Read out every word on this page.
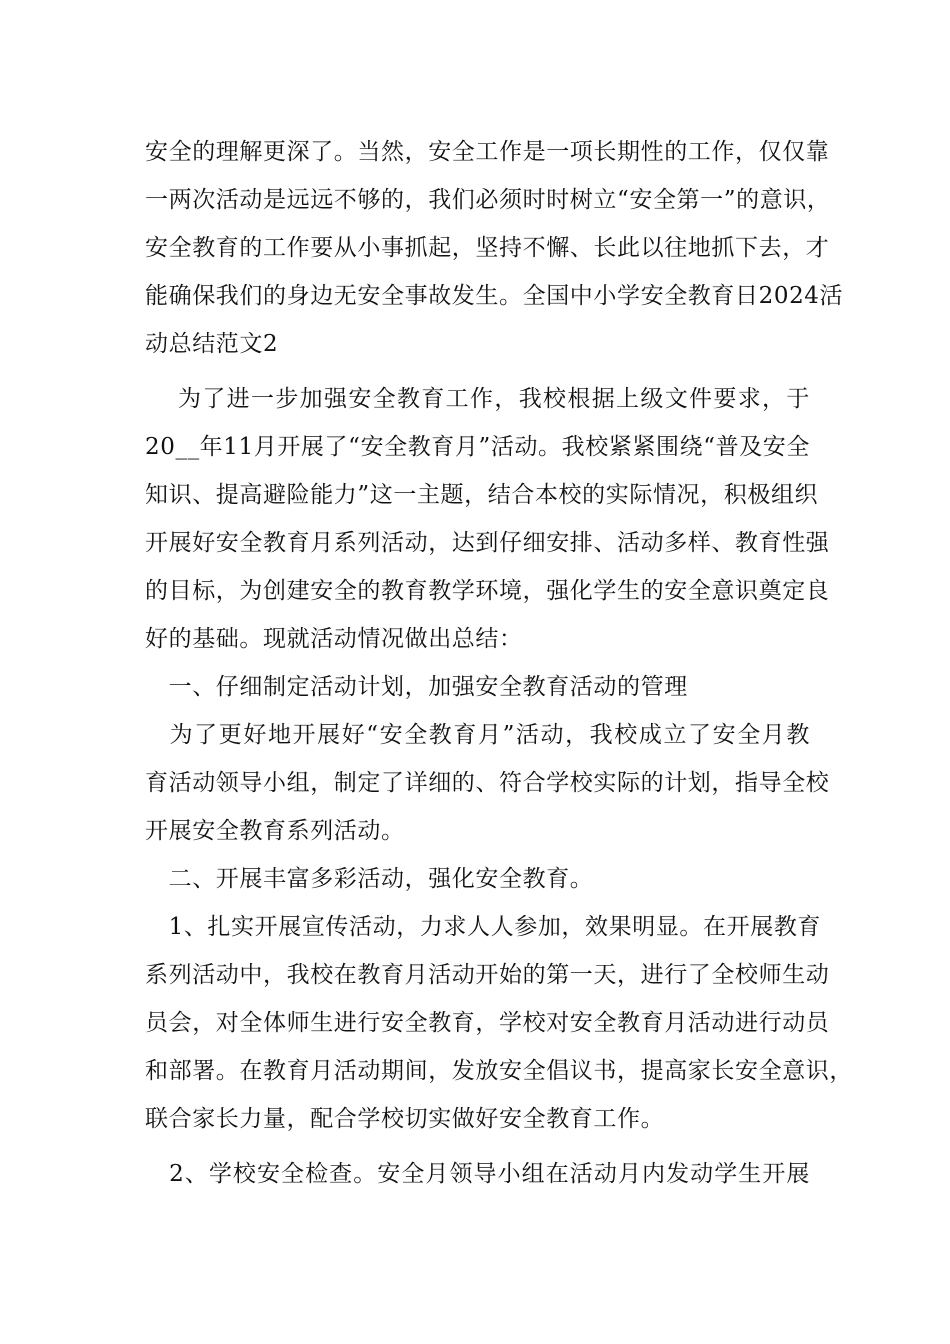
安全的理解更深了。当然，安全工作是一项长期性的工作，仅仅靠
一两次活动是远远不够的，我们必须时时树立“安全第一”的意识，
安全教育的工作要从小事抓起，坚持不懈、长此以往地抓下去，才
能确保我们的身边无安全事故发生。全国中小学安全教育日2024活
动总结范文2
　 为了进一步加强安全教育工作，我校根据上级文件要求，于
20__年11月开展了“安全教育月”活动。我校紧紧围绕“普及安全
知识、提高避险能力”这一主题，结合本校的实际情况，积极组织
开展好安全教育月系列活动，达到仔细安排、活动多样、教育性强
的目标，为创建安全的教育教学环境，强化学生的安全意识奠定良
好的基础。现就活动情况做出总结：
　一、仔细制定活动计划，加强安全教育活动的管理
　为了更好地开展好“安全教育月”活动，我校成立了安全月教
育活动领导小组，制定了详细的、符合学校实际的计划，指导全校
开展安全教育系列活动。
　二、开展丰富多彩活动，强化安全教育。
　1、扎实开展宣传活动，力求人人参加，效果明显。在开展教育
系列活动中，我校在教育月活动开始的第一天，进行了全校师生动
员会，对全体师生进行安全教育，学校对安全教育月活动进行动员
和部署。在教育月活动期间，发放安全倡议书，提高家长安全意识，
联合家长力量，配合学校切实做好安全教育工作。
　2、学校安全检查。安全月领导小组在活动月内发动学生开展
